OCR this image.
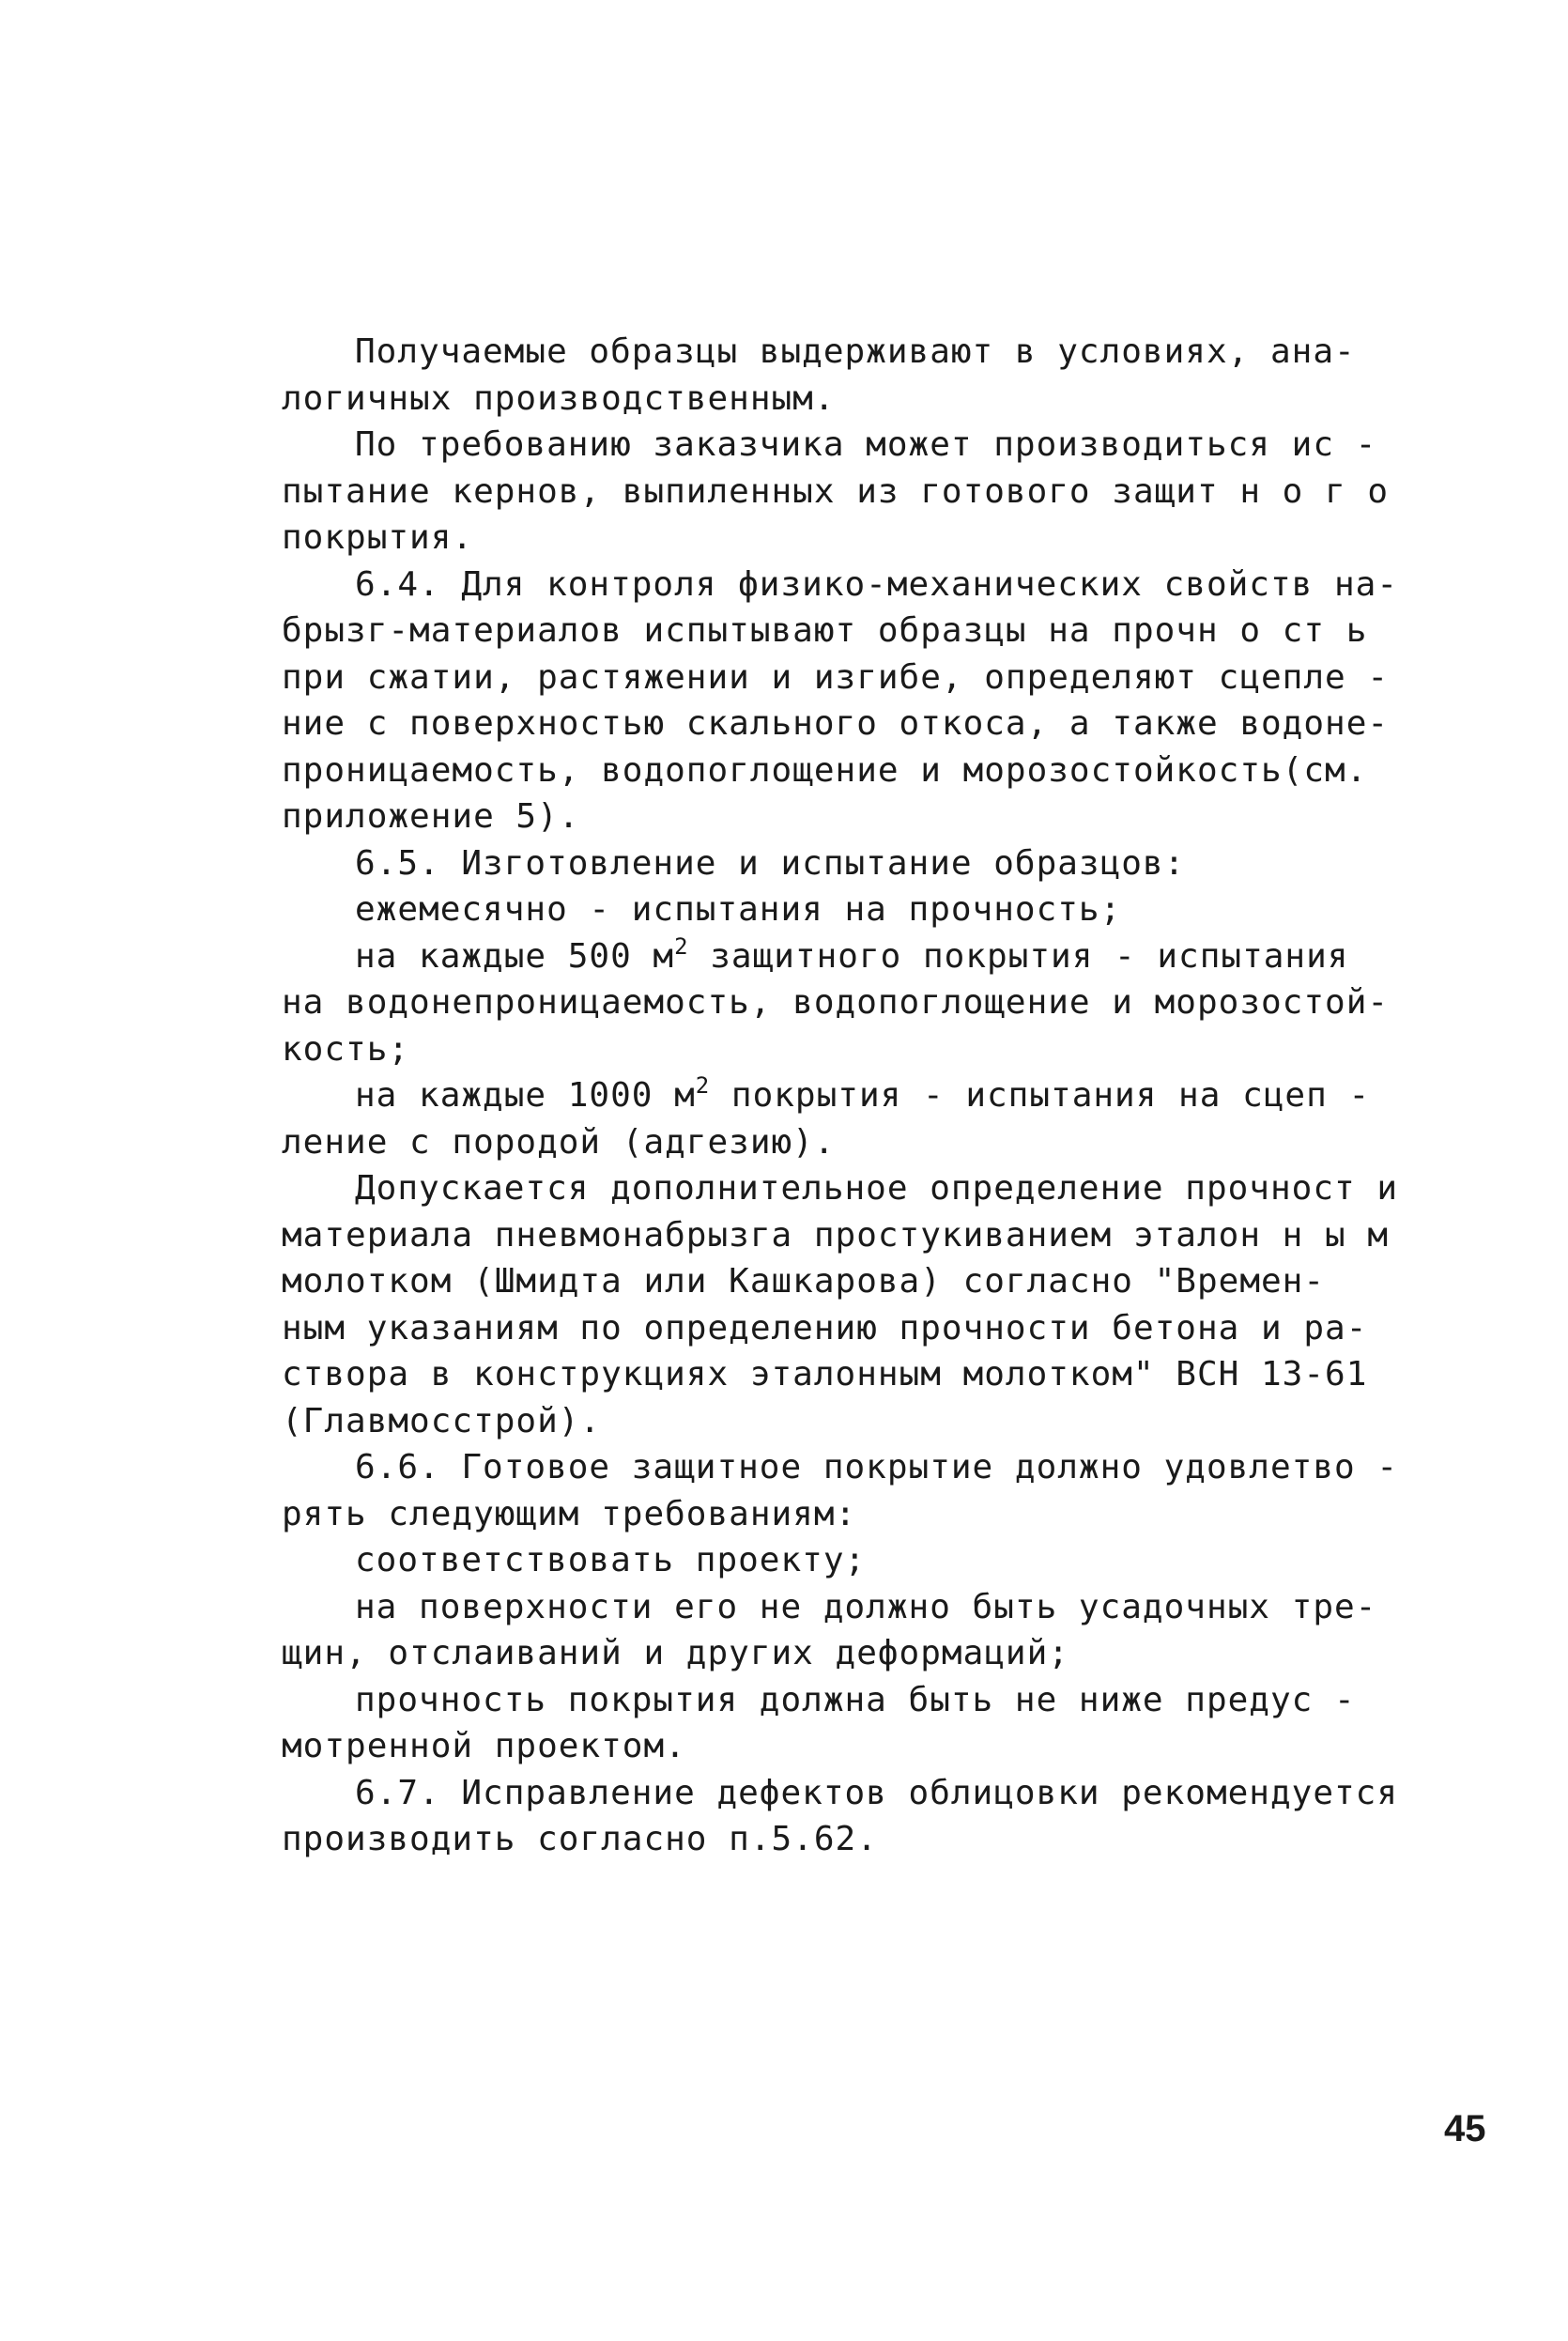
Получаемые образцы выдерживают в условиях, ана-
логичных производственным.
По требованию заказчика может производиться ис -
пытание кернов, выпиленных из готового защит н о г о
покрытия.
6.4. Для контроля физико-механических свойств на-
брызг-материалов испытывают образцы на прочн о ст ь
при сжатии, растяжении и изгибе, определяют сцепле -
ние с поверхностью скального откоса, а также водоне-
проницаемость, водопоглощение и морозостойкость(см.
приложение 5).
6.5. Изготовление и испытание образцов:
ежемесячно - испытания на прочность;
на каждые 500 $м^2$ защитного покрытия - испытания
на водонепроницаемость, водопоглощение и морозостой-
кость;
на каждые 1000 $м^2$ покрытия - испытания на сцеп -
ление с породой (адгезию).
Допускается дополнительное определение прочност и
материала пневмонабрызга простукиванием эталон н ы м
молотком (Шмидта или Кашкарова) согласно "Времен-
ным указаниям по определению прочности бетона и ра-
створа в конструкциях эталонным молотком" ВСН 13-61
(Главмосстрой).
6.6. Готовое защитное покрытие должно удовлетво -
рять следующим требованиям:
соответствовать проекту;
на поверхности его не должно быть усадочных тре-
щин, отслаиваний и других деформаций;
прочность покрытия должна быть не ниже предус -
мотренной проектом.
6.7. Исправление дефектов облицовки рекомендуется
производить согласно п.5.62.
45
